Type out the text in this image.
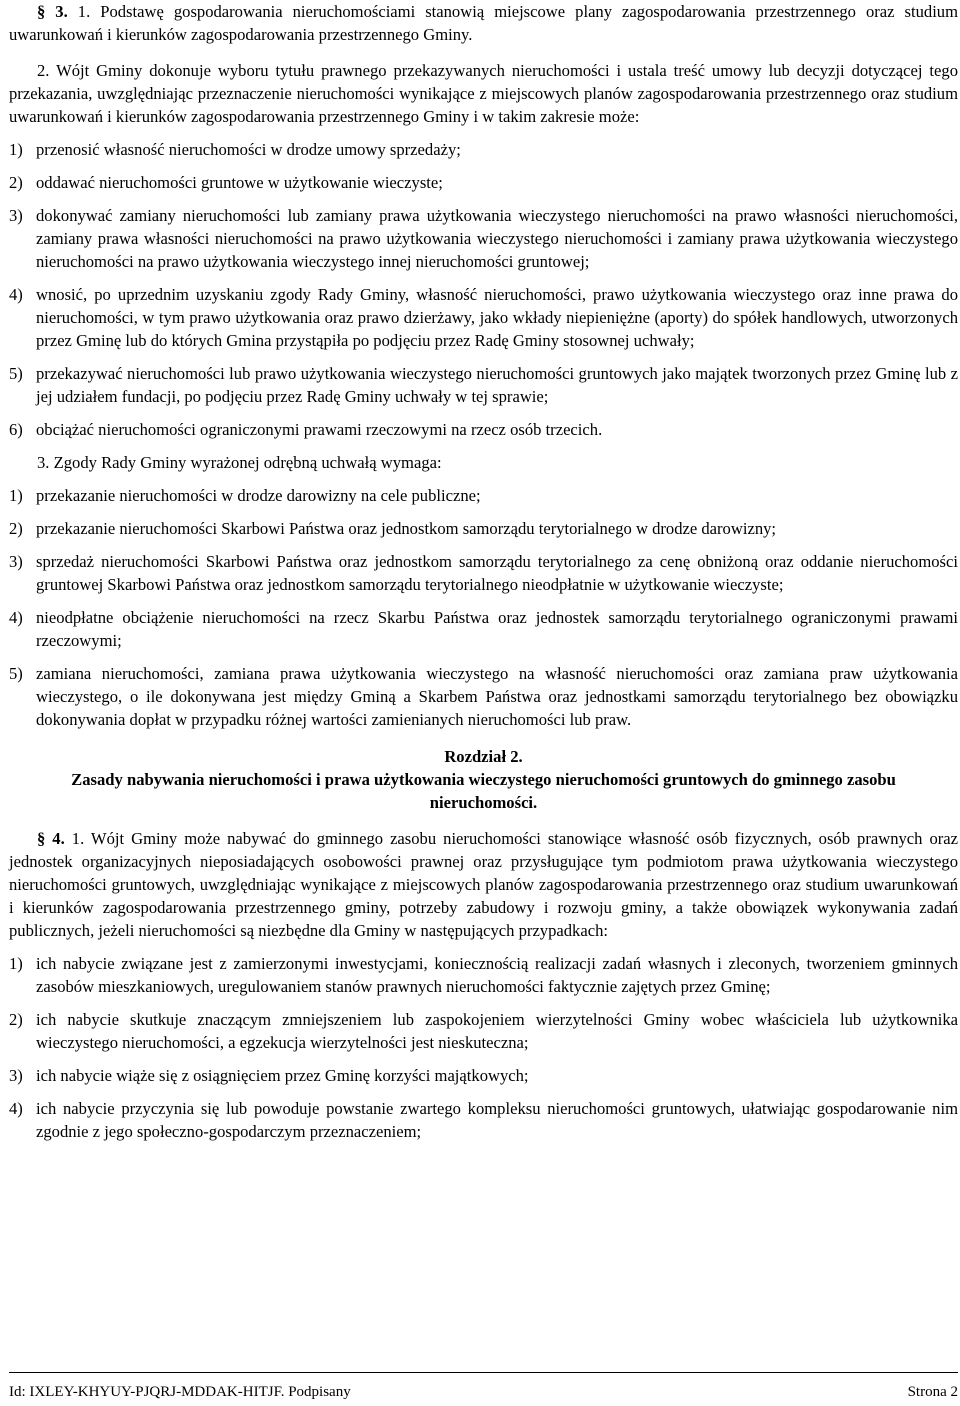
§ 3. 1. Podstawę gospodarowania nieruchomościami stanowią miejscowe plany zagospodarowania przestrzennego oraz studium uwarunkowań i kierunków zagospodarowania przestrzennego Gminy.

2. Wójt Gminy dokonuje wyboru tytułu prawnego przekazywanych nieruchomości i ustala treść umowy lub decyzji dotyczącej tego przekazania, uwzględniając przeznaczenie nieruchomości wynikające z miejscowych planów zagospodarowania przestrzennego oraz studium uwarunkowań i kierunków zagospodarowania przestrzennego Gminy i w takim zakresie może:

1) przenosić własność nieruchomości w drodze umowy sprzedaży;
2) oddawać nieruchomości gruntowe w użytkowanie wieczyste;
3) dokonywać zamiany nieruchomości lub zamiany prawa użytkowania wieczystego nieruchomości na prawo własności nieruchomości, zamiany prawa własności nieruchomości na prawo użytkowania wieczystego nieruchomości i zamiany prawa użytkowania wieczystego nieruchomości na prawo użytkowania wieczystego innej nieruchomości gruntowej;
4) wnosić, po uprzednim uzyskaniu zgody Rady Gminy, własność nieruchomości, prawo użytkowania wieczystego oraz inne prawa do nieruchomości, w tym prawo użytkowania oraz prawo dzierżawy, jako wkłady niepieniężne (aporty) do spółek handlowych, utworzonych przez Gminę lub do których Gmina przystąpiła po podjęciu przez Radę Gminy stosownej uchwały;
5) przekazywać nieruchomości lub prawo użytkowania wieczystego nieruchomości gruntowych jako majątek tworzonych przez Gminę lub z jej udziałem fundacji, po podjęciu przez Radę Gminy uchwały w tej sprawie;
6) obciążać nieruchomości ograniczonymi prawami rzeczowymi na rzecz osób trzecich.

3. Zgody Rady Gminy wyrażonej odrębną uchwałą wymaga:

1) przekazanie nieruchomości w drodze darowizny na cele publiczne;
2) przekazanie nieruchomości Skarbowi Państwa oraz jednostkom samorządu terytorialnego w drodze darowizny;
3) sprzedaż nieruchomości Skarbowi Państwa oraz jednostkom samorządu terytorialnego za cenę obniżoną oraz oddanie nieruchomości gruntowej Skarbowi Państwa oraz jednostkom samorządu terytorialnego nieodpłatnie w użytkowanie wieczyste;
4) nieodpłatne obciążenie nieruchomości na rzecz Skarbu Państwa oraz jednostek samorządu terytorialnego ograniczonymi prawami rzeczowymi;
5) zamiana nieruchomości, zamiana prawa użytkowania wieczystego na własność nieruchomości oraz zamiana praw użytkowania wieczystego, o ile dokonywana jest między Gminą a Skarbem Państwa oraz jednostkami samorządu terytorialnego bez obowiązku dokonywania dopłat w przypadku różnej wartości zamienianych nieruchomości lub praw.
Rozdział 2.
Zasady nabywania nieruchomości i prawa użytkowania wieczystego nieruchomości gruntowych do gminnego zasobu nieruchomości.

§ 4. 1. Wójt Gminy może nabywać do gminnego zasobu nieruchomości stanowiące własność osób fizycznych, osób prawnych oraz jednostek organizacyjnych nieposiadających osobowości prawnej oraz przysługujące tym podmiotom prawa użytkowania wieczystego nieruchomości gruntowych, uwzględniając wynikające z miejscowych planów zagospodarowania przestrzennego oraz studium uwarunkowań i kierunków zagospodarowania przestrzennego gminy, potrzeby zabudowy i rozwoju gminy, a także obowiązek wykonywania zadań publicznych, jeżeli nieruchomości są niezbędne dla Gminy w następujących przypadkach:

1) ich nabycie związane jest z zamierzonymi inwestycjami, koniecznością realizacji zadań własnych i zleconych, tworzeniem gminnych zasobów mieszkaniowych, uregulowaniem stanów prawnych nieruchomości faktycznie zajętych przez Gminę;
2) ich nabycie skutkuje znaczącym zmniejszeniem lub zaspokojeniem wierzytelności Gminy wobec właściciela lub użytkownika wieczystego nieruchomości, a egzekucja wierzytelności jest nieskuteczna;
3) ich nabycie wiąże się z osiągnięciem przez Gminę korzyści majątkowych;
4) ich nabycie przyczynia się lub powoduje powstanie zwartego kompleksu nieruchomości gruntowych, ułatwiając gospodarowanie nim zgodnie z jego społeczno-gospodarczym przeznaczeniem;
Id: IXLEY-KHYUY-PJQRJ-MDDAK-HITJF. Podpisany	Strona 2
